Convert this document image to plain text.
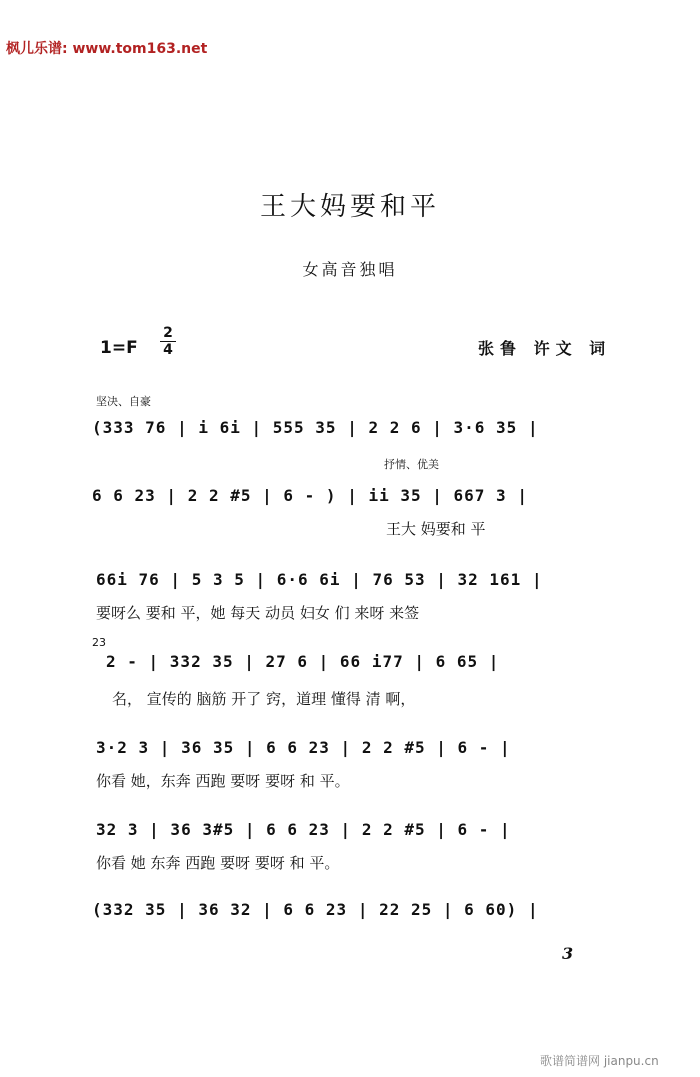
枫儿乐谱: www.tom163.net
王大妈要和平
女高音独唱
1=F
2
4	张鲁 许文 词
坚决、自豪
抒情、优美
(333 76 | i 6i | 555 35 | 2 2 6 | 3·6 35 |
6 6 23 | 2 2 #5 | 6 - ) | ii 35 | 667 3 |
王大 妈要和 平
66i 76 | 5 3 5 | 6·6 6i | 76 53 | 32 161 |
要呀么 要和 平，她 每天 动员 妇女 们 来呀 来签
23
2 - | 332 35 | 27 6 | 66 i77 | 6 65 |
名， 宣传的 脑筋 开了 窍，道理 懂得 清 啊，
3·2 3 | 36 35 | 6 6 23 | 2 2 #5 | 6 - |
你看 她，东奔 西跑 要呀 要呀 和 平。
32 3 | 36 3#5 | 6 6 23 | 2 2 #5 | 6 - |
你看 她 东奔 西跑 要呀 要呀 和 平。
(332 35 | 36 32 | 6 6 23 | 22 25 | 6 60) |
3
歌谱简谱网 jianpu.cn
